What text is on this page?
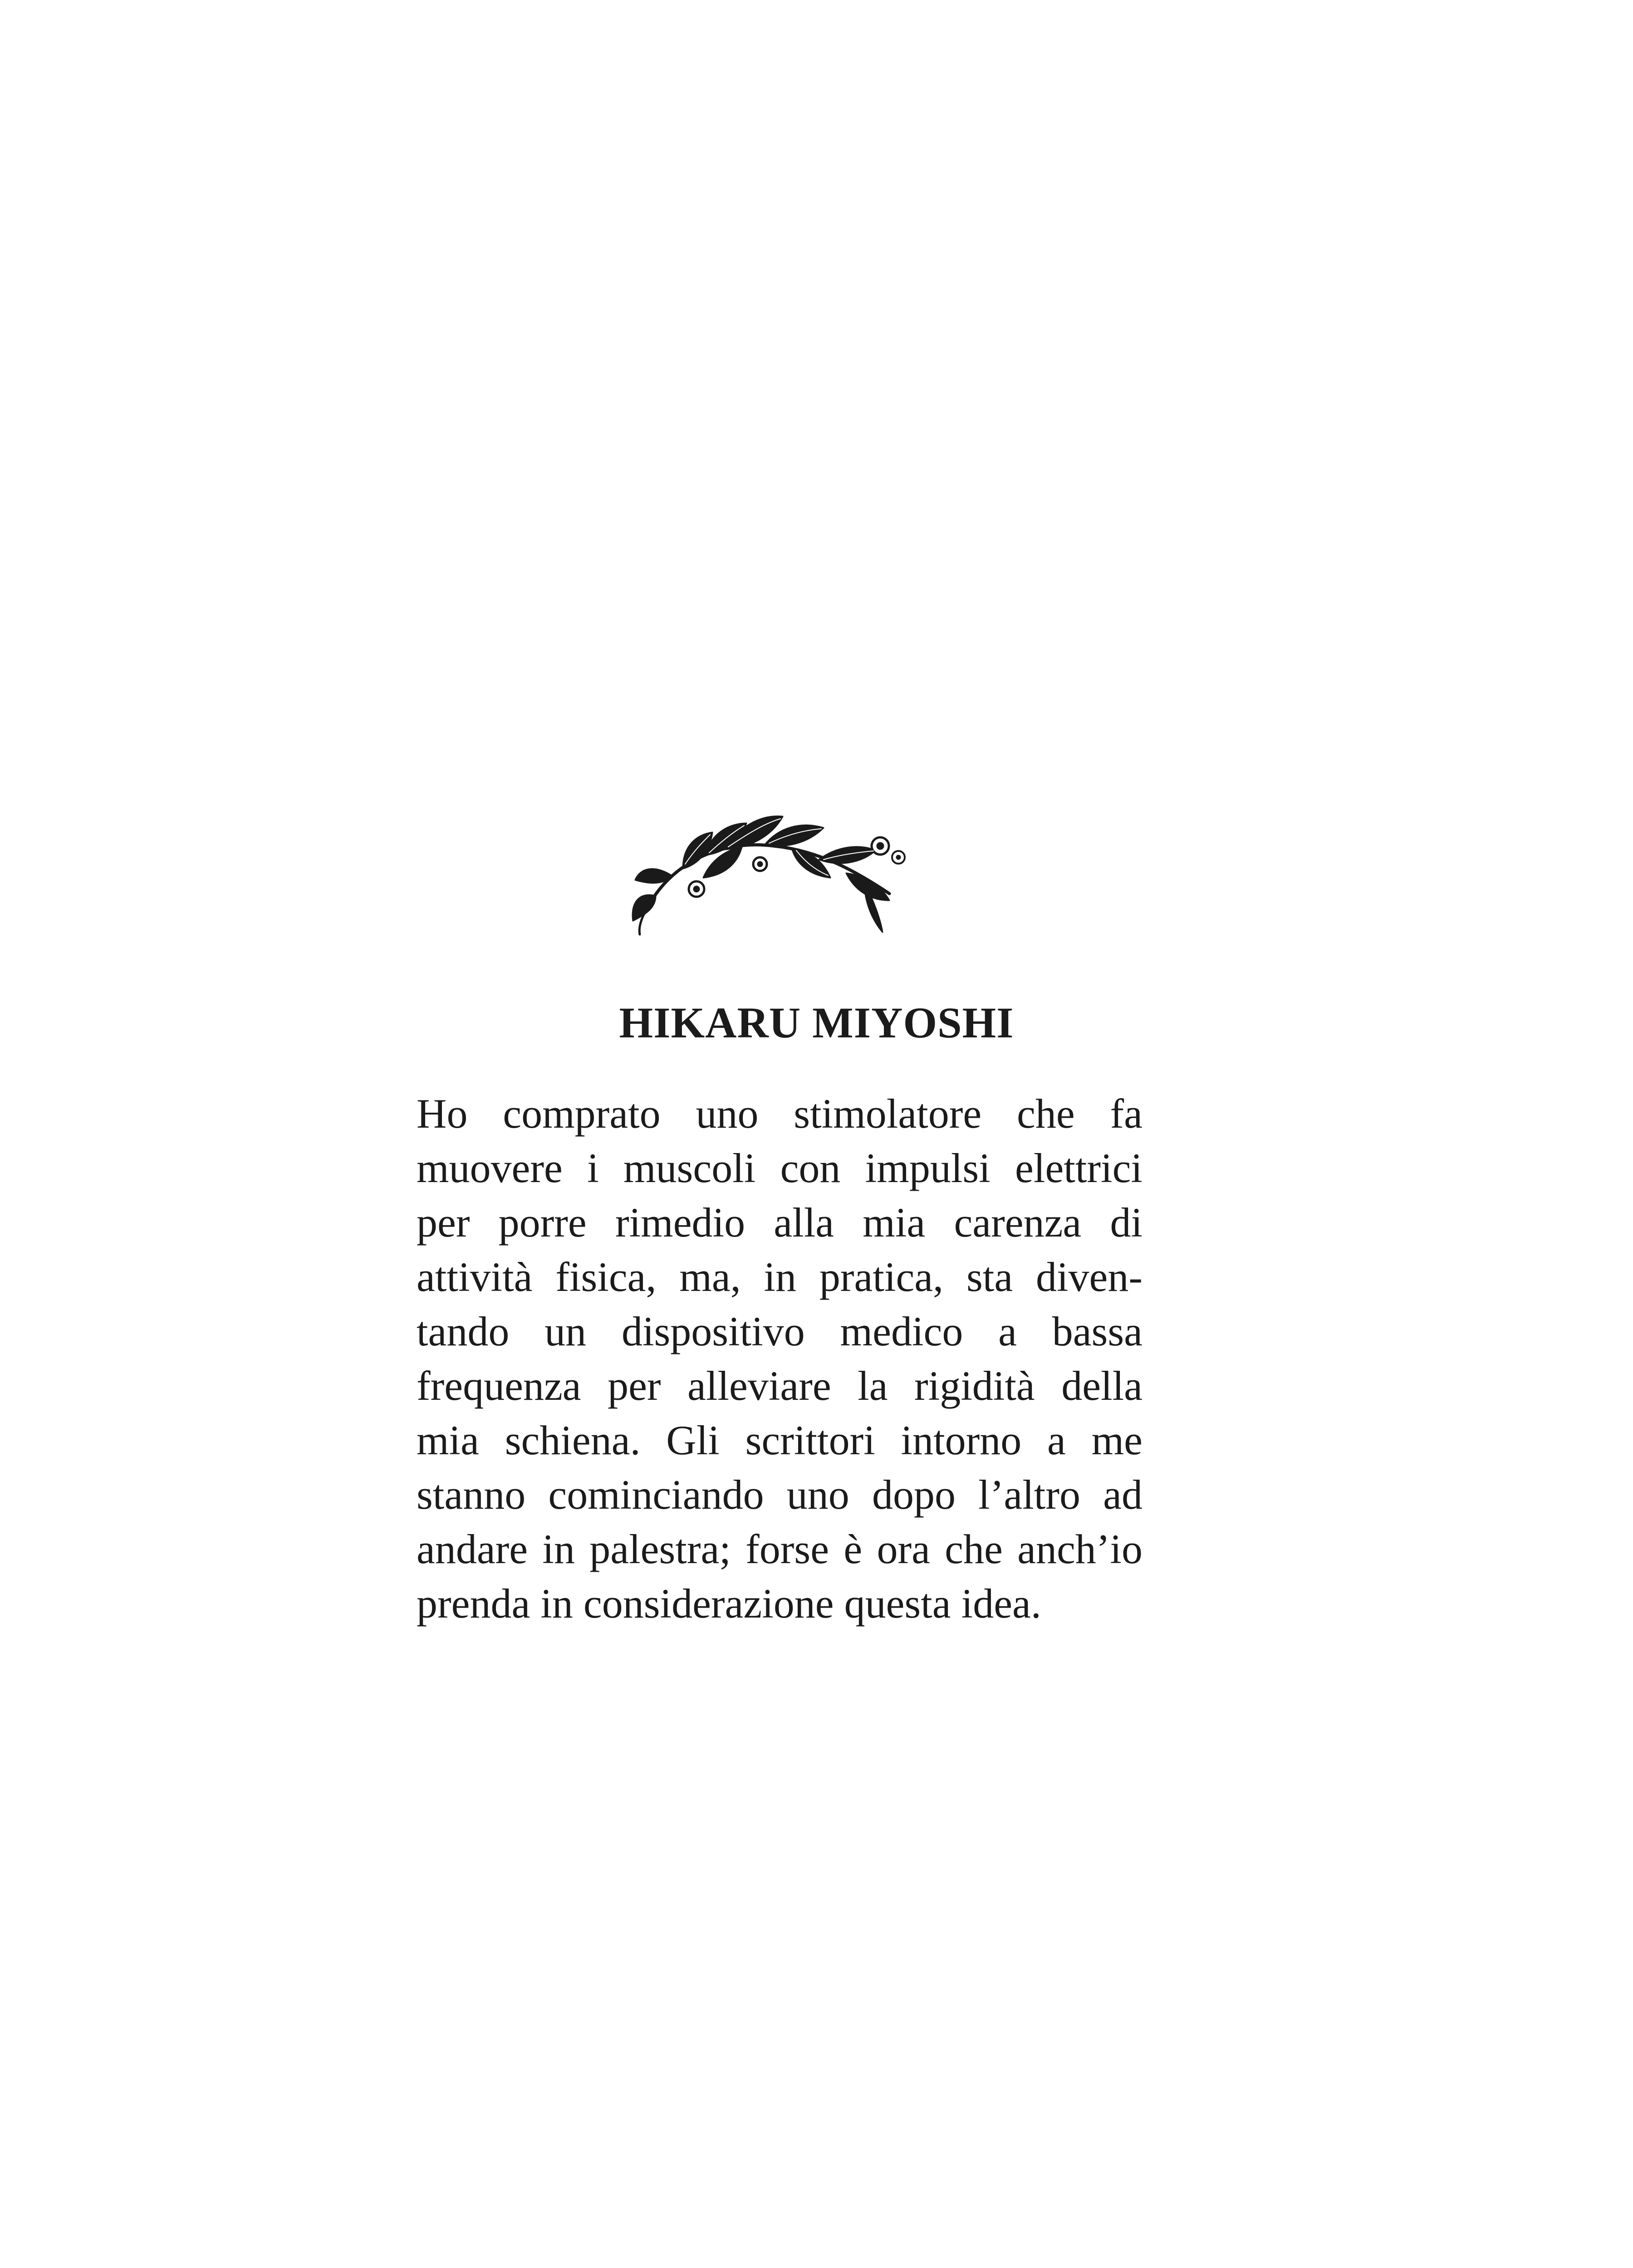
HIKARU MIYOSHI
Ho comprato uno stimolatore che fa
muovere i muscoli con impulsi elettrici
per porre rimedio alla mia carenza di
attività fisica, ma, in pratica, sta diven-
tando un dispositivo medico a bassa
frequenza per alleviare la rigidità della
mia schiena. Gli scrittori intorno a me
stanno cominciando uno dopo l’altro ad
andare in palestra; forse è ora che anch’io
prenda in considerazione questa idea.
